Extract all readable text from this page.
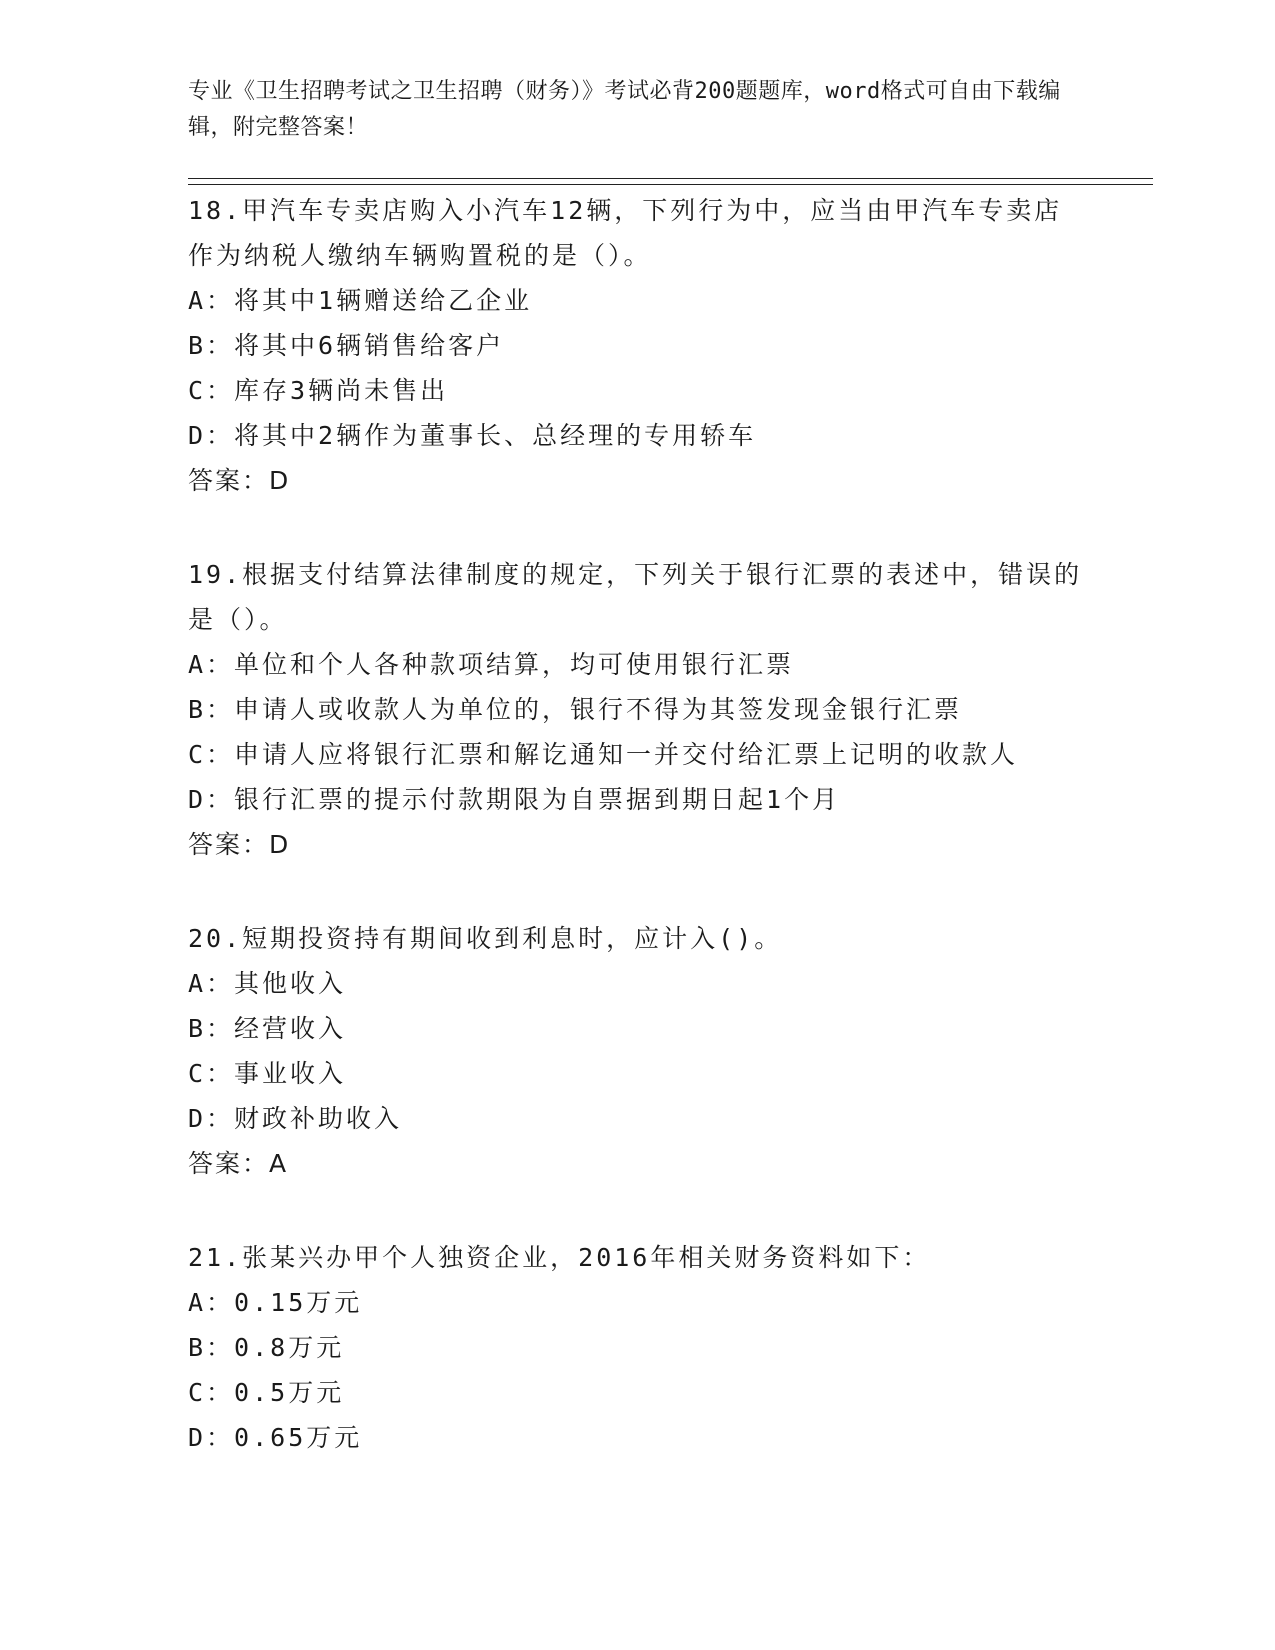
专业《卫生招聘考试之卫生招聘（财务）》考试必背200题题库，word格式可自由下载编辑，附完整答案！
18.甲汽车专卖店购入小汽车12辆，下列行为中，应当由甲汽车专卖店作为纳税人缴纳车辆购置税的是（）。
A：将其中1辆赠送给乙企业
B：将其中6辆销售给客户
C：库存3辆尚未售出
D：将其中2辆作为董事长、总经理的专用轿车
答案：D
19.根据支付结算法律制度的规定，下列关于银行汇票的表述中，错误的是（）。
A：单位和个人各种款项结算，均可使用银行汇票
B：申请人或收款人为单位的，银行不得为其签发现金银行汇票
C：申请人应将银行汇票和解讫通知一并交付给汇票上记明的收款人
D：银行汇票的提示付款期限为自票据到期日起1个月
答案：D
20.短期投资持有期间收到利息时，应计入()。
A：其他收入
B：经营收入
C：事业收入
D：财政补助收入
答案：A
21.张某兴办甲个人独资企业，2016年相关财务资料如下：
A：0.15万元
B：0.8万元
C：0.5万元
D：0.65万元
